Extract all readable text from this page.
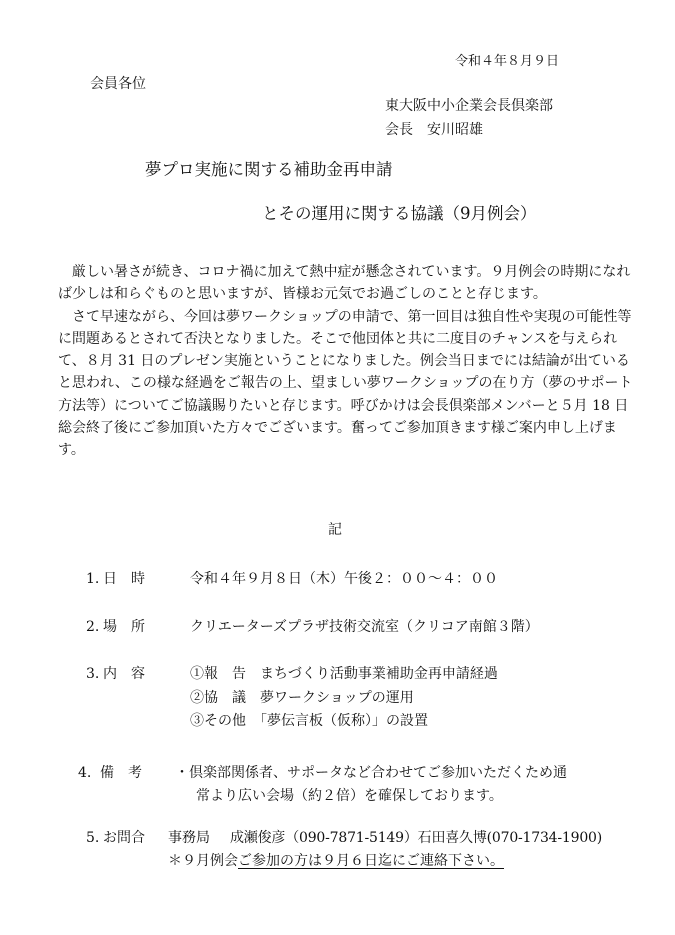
令和４年８月９日
会員各位
東大阪中小企業会長倶楽部
会長　安川昭雄
夢プロ実施に関する補助金再申請
とその運用に関する協議（9月例会）

厳しい暑さが続き、コロナ禍に加えて熱中症が懸念されています。９月例会の時期になれば少しは和らぐものと思いますが、皆様お元気でお過ごしのことと存じます。

さて早速ながら、今回は夢ワークショップの申請で、第一回目は独自性や実現の可能性等に問題あるとされて否決となりました。そこで他団体と共に二度目のチャンスを与えられて、８月 31 日のプレゼン実施ということになりました。例会当日までには結論が出ていると思われ、この様な経過をご報告の上、望ましい夢ワークショップの在り方（夢のサポート方法等）についてご協議賜りたいと存じます。呼びかけは会長倶楽部メンバーと５月 18 日総会終了後にご参加頂いた方々でございます。奮ってご参加頂きます様ご案内申し上げます。

記
1. 日　時	令和４年９月８日（木）午後２：００～４：００
2. 場　所	クリエーターズプラザ技術交流室（クリコア南館３階）
3. 内　容	①報　告　まちづくり活動事業補助金再申請経過
②協　議　夢ワークショップの運用
③その他　「夢伝言板（仮称）」の設置
4. 備　考 ・倶楽部関係者、サポータなど合わせてご参加いただくため通
常より広い会場（約２倍）を確保しております。
5. お問合 事務局 成瀬俊彦（090-7871-5149）石田喜久博(070-1734-1900)
＊９月例会ご参加の方は９月６日迄にご連絡下さい。
